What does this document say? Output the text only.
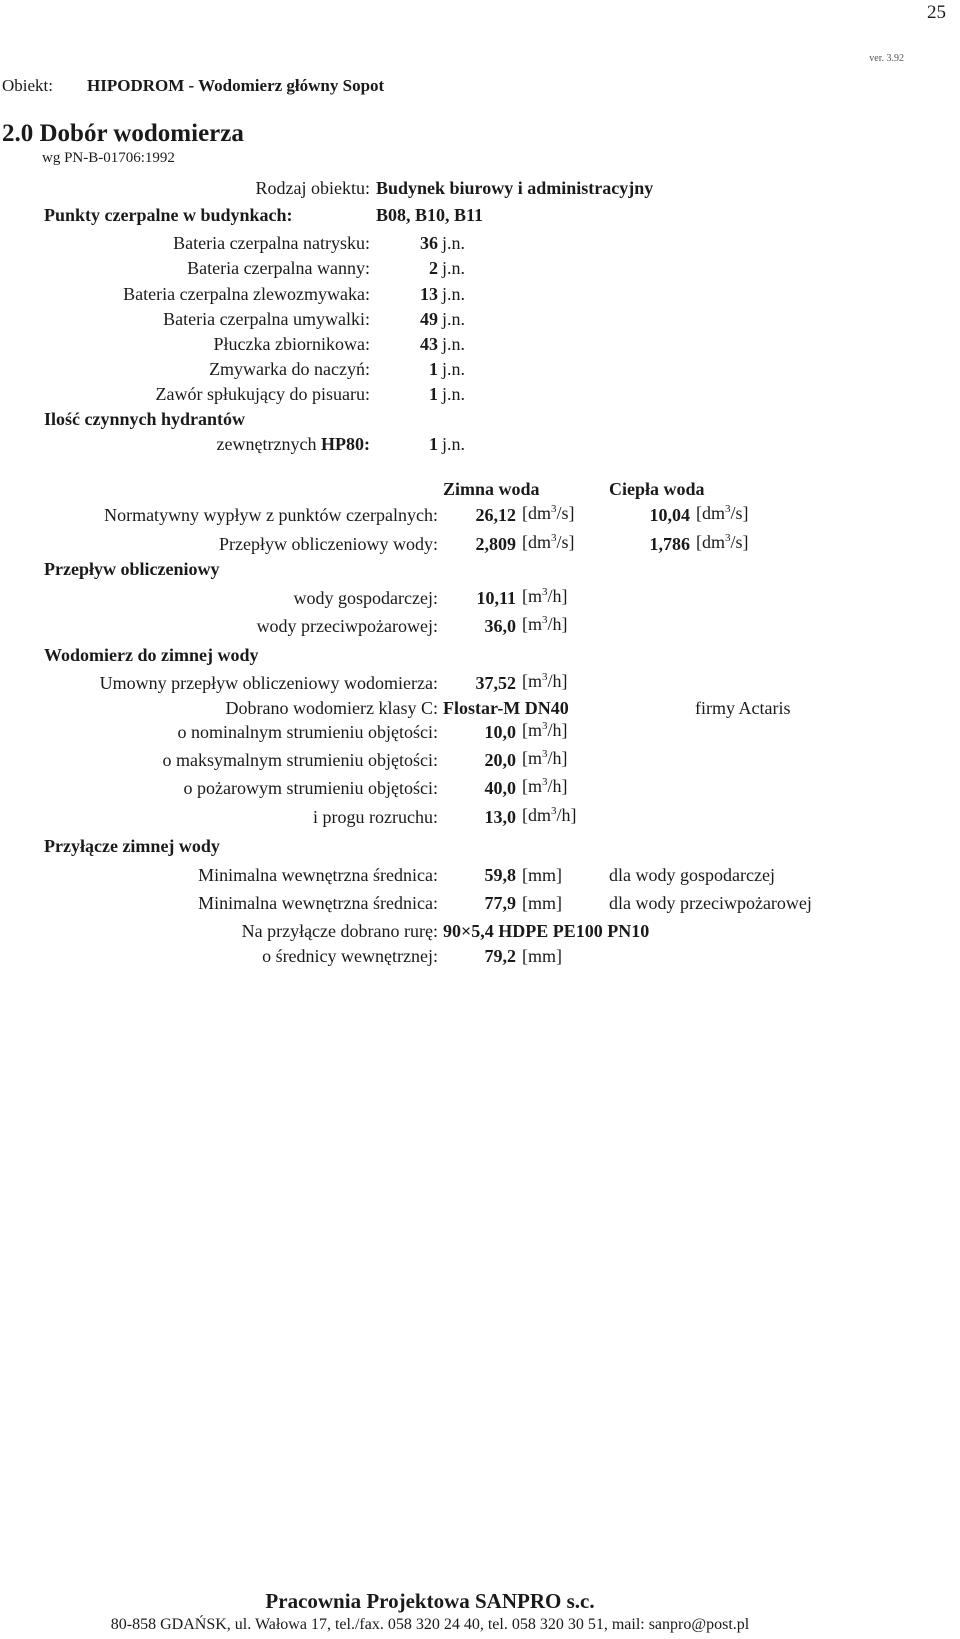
25
ver. 3.92
Obiekt: HIPODROM - Wodomierz główny Sopot
2.0 Dobór wodomierza
wg PN-B-01706:1992
Rodzaj obiektu: Budynek biurowy i administracyjny
Punkty czerpalne w budynkach:	B08, B10, B11
Bateria czerpalna natrysku:	36 j.n.
Bateria czerpalna wanny:	2 j.n.
Bateria czerpalna zlewozmywaka:	13 j.n.
Bateria czerpalna umywalki:	49 j.n.
Płuczka zbiornikowa:	43 j.n.
Zmywarka do naczyń:	1 j.n.
Zawór spłukujący do pisuaru:	1 j.n.
Ilość czynnych hydrantów
zewnętrznych HP80:	1 j.n.
Zimna woda	Ciepła woda
Normatywny wypływ z punktów czerpalnych: 26,12 $[dm^3/s]$	10,04 $[dm^3/s]$
Przepływ obliczeniowy wody: 2,809 $[dm^3/s]$	1,786 $[dm^3/s]$
Przepływ obliczeniowy
wody gospodarczej: 10,11 $[m^3/h]$
wody przeciwpożarowej:	36,0 $[m^3/h]$
Wodomierz do zimnej wody
Umowny przepływ obliczeniowy wodomierza: 37,52 $[m^3/h]$
Dobrano wodomierz klasy C: Flostar-M DN40	firmy Actaris
o nominalnym strumieniu objętości:	10,0 $[m^3/h]$
o maksymalnym strumieniu objętości:	20,0 $[m^3/h]$
o pożarowym strumieniu objętości:	40,0 $[m^3/h]$
i progu rozruchu:	13,0 $[dm^3/h]$
Przyłącze zimnej wody
Minimalna wewnętrzna średnica:	59,8 [mm]	dla wody gospodarczej
Minimalna wewnętrzna średnica:	77,9 [mm]	dla wody przeciwpożarowej
Na przyłącze dobrano rurę: 90×5,4 HDPE PE100 PN10
o średnicy wewnętrznej:	79,2 [mm]
Pracownia Projektowa SANPRO s.c.
80-858 GDAŃSK, ul. Wałowa 17, tel./fax. 058 320 24 40, tel. 058 320 30 51, mail: sanpro@post.pl
